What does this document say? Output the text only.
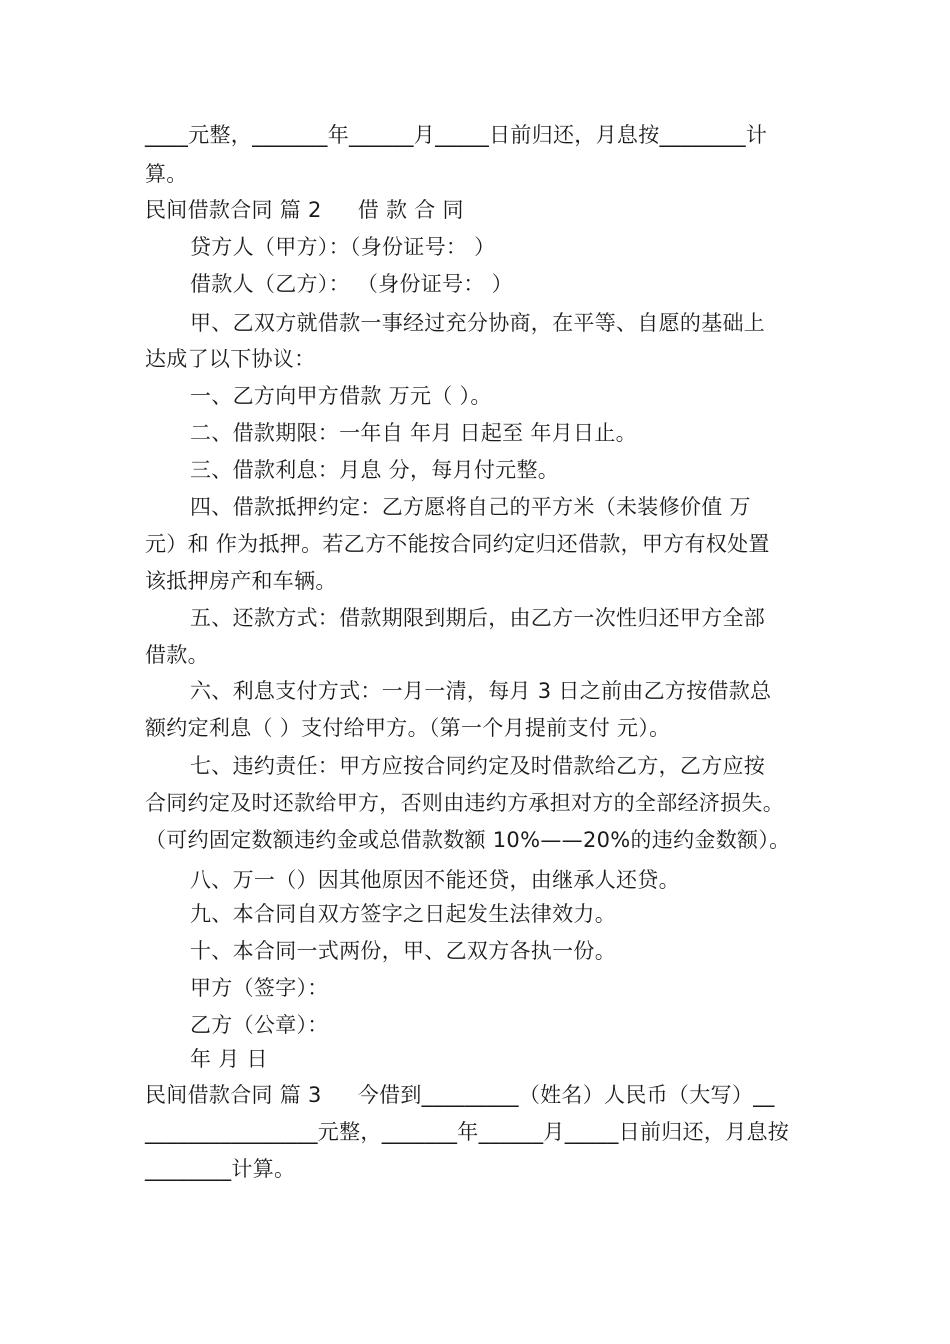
____元整，_______年______月_____日前归还，月息按________计
算。
民间借款合同 篇 2 借 款 合 同
贷方人（甲方）：（身份证号： ）
借款人（乙方）： （身份证号： ）
甲、乙双方就借款一事经过充分协商，在平等、自愿的基础上
达成了以下协议：
一、乙方向甲方借款 万元（ ）。
二、借款期限：一年自 年月 日起至 年月日止。
三、借款利息：月息 分，每月付元整。
四、借款抵押约定：乙方愿将自己的平方米（未装修价值 万
元）和 作为抵押。若乙方不能按合同约定归还借款，甲方有权处置
该抵押房产和车辆。
五、还款方式：借款期限到期后，由乙方一次性归还甲方全部
借款。
六、利息支付方式：一月一清，每月 3 日之前由乙方按借款总
额约定利息（ ）支付给甲方。（第一个月提前支付 元）。
七、违约责任：甲方应按合同约定及时借款给乙方，乙方应按
合同约定及时还款给甲方，否则由违约方承担对方的全部经济损失。
（可约固定数额违约金或总借款数额 10%——20%的违约金数额）。
八、万一（）因其他原因不能还贷，由继承人还贷。
九、本合同自双方签字之日起发生法律效力。
十、本合同一式两份，甲、乙双方各执一份。
甲方（签字）：
乙方（公章）：
年 月 日
民间借款合同 篇 3 今借到_________（姓名）人民币（大写）__
________________元整，_______年______月_____日前归还，月息按
________计算。
